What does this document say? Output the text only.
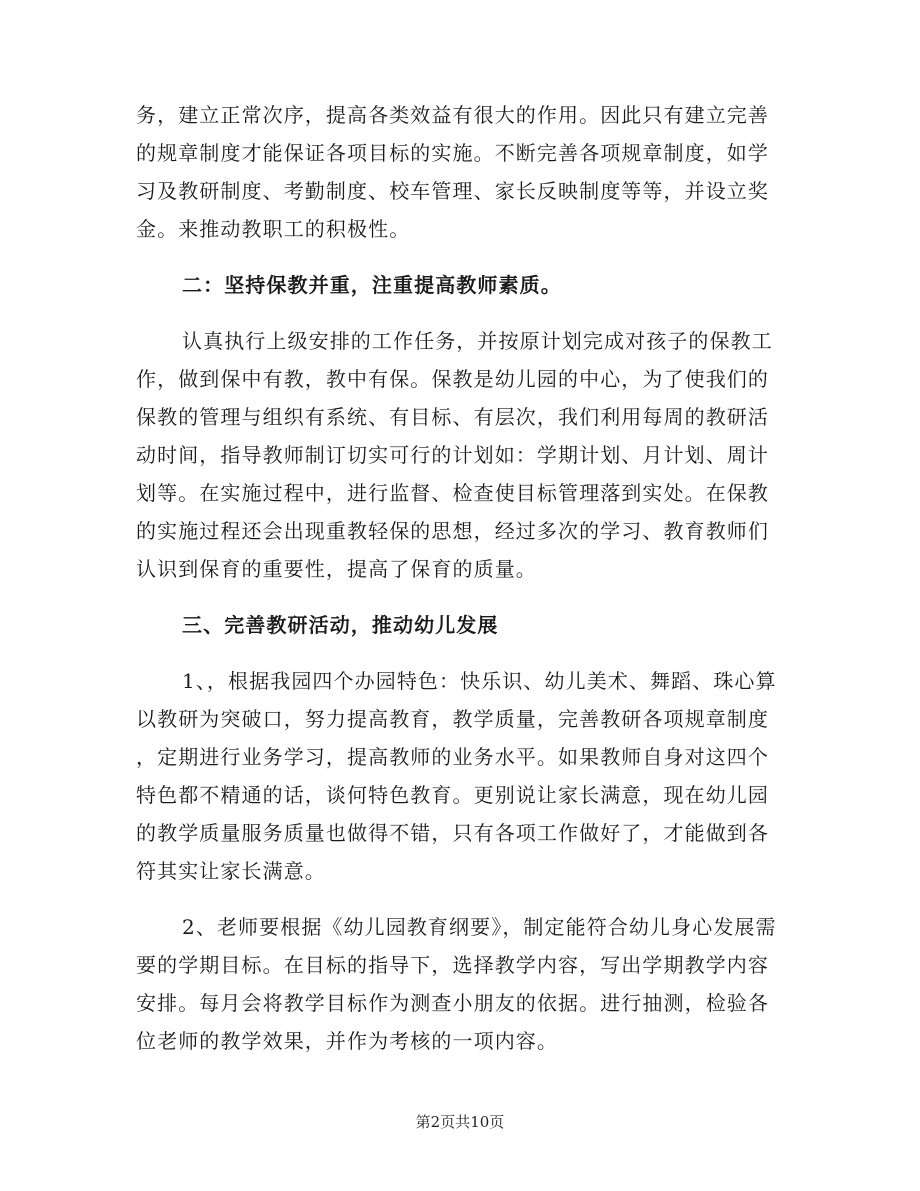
务，建立正常次序，提高各类效益有很大的作用。因此只有建立完善
的规章制度才能保证各项目标的实施。不断完善各项规章制度，如学
习及教研制度、考勤制度、校车管理、家长反映制度等等，并设立奖
金。来推动教职工的积极性。
二：坚持保教并重，注重提高教师素质。
认真执行上级安排的工作任务，并按原计划完成对孩子的保教工
作，做到保中有教，教中有保。保教是幼儿园的中心，为了使我们的
保教的管理与组织有系统、有目标、有层次，我们利用每周的教研活
动时间，指导教师制订切实可行的计划如：学期计划、月计划、周计
划等。在实施过程中，进行监督、检查使目标管理落到实处。在保教
的实施过程还会出现重教轻保的思想，经过多次的学习、教育教师们
认识到保育的重要性，提高了保育的质量。
三、完善教研活动，推动幼儿发展
1、，根据我园四个办园特色：快乐识、幼儿美术、舞蹈、珠心算
以教研为突破口，努力提高教育，教学质量，完善教研各项规章制度
，定期进行业务学习，提高教师的业务水平。如果教师自身对这四个
特色都不精通的话，谈何特色教育。更别说让家长满意，现在幼儿园
的教学质量服务质量也做得不错，只有各项工作做好了，才能做到各
符其实让家长满意。
2、老师要根据《幼儿园教育纲要》，制定能符合幼儿身心发展需
要的学期目标。在目标的指导下，选择教学内容，写出学期教学内容
安排。每月会将教学目标作为测查小朋友的依据。进行抽测，检验各
位老师的教学效果，并作为考核的一项内容。
第2页共10页
